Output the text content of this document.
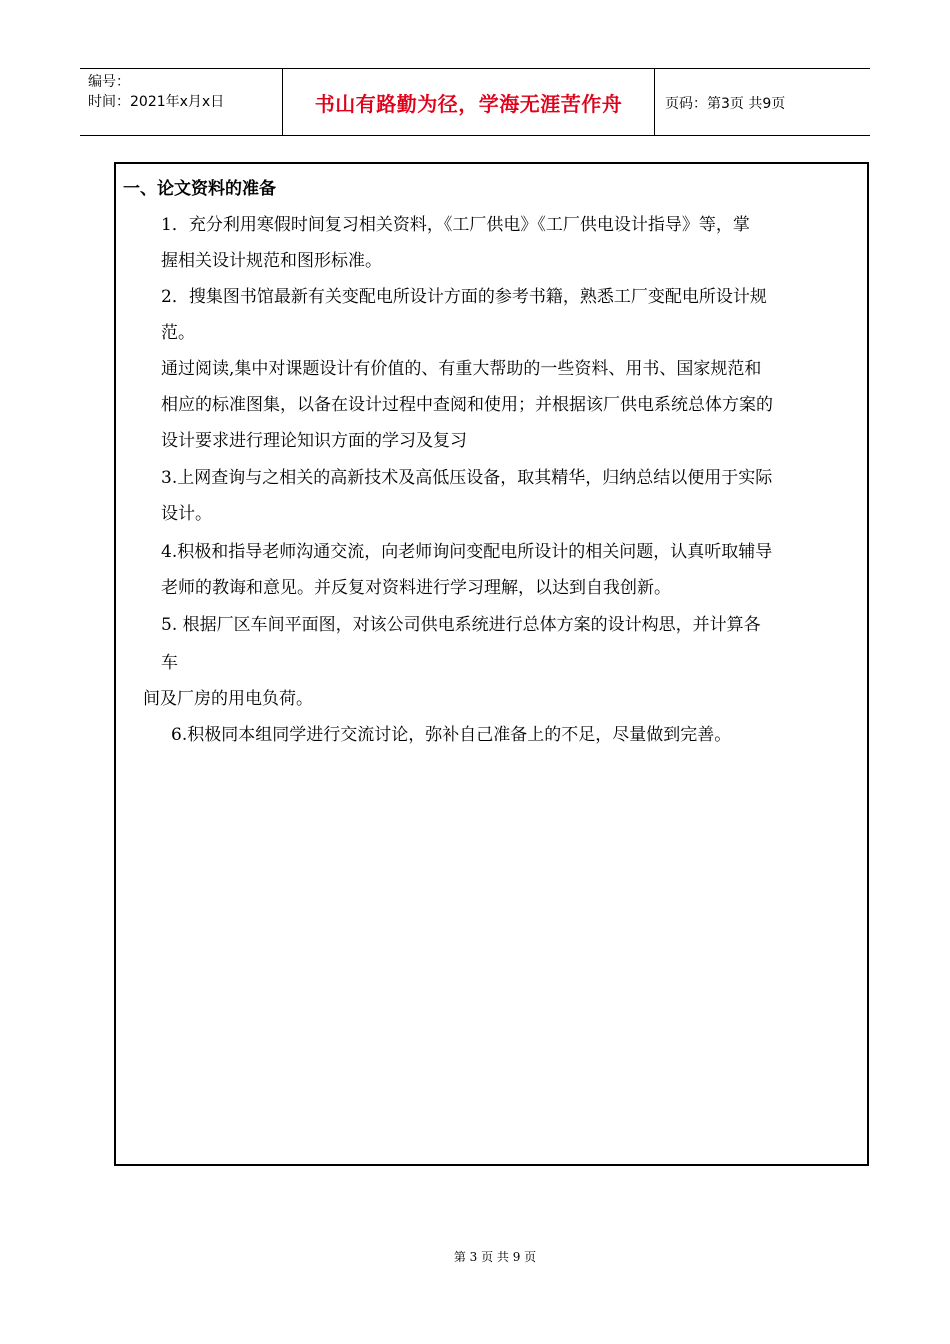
编号：
时间：2021年x月x日	书山有路勤为径，学海无涯苦作舟	页码：第3页 共9页

一、论文资料的准备

1．充分利用寒假时间复习相关资料，《工厂供电》《工厂供电设计指导》等，掌

握相关设计规范和图形标准。

2．搜集图书馆最新有关变配电所设计方面的参考书籍，熟悉工厂变配电所设计规

范。

通过阅读,集中对课题设计有价值的、有重大帮助的一些资料、用书、国家规范和

相应的标准图集，以备在设计过程中查阅和使用；并根据该厂供电系统总体方案的

设计要求进行理论知识方面的学习及复习

3.上网查询与之相关的高新技术及高低压设备，取其精华，归纳总结以便用于实际

设计。

4.积极和指导老师沟通交流，向老师询问变配电所设计的相关问题，认真听取辅导

老师的教诲和意见。并反复对资料进行学习理解，以达到自我创新。

5. 根据厂区车间平面图，对该公司供电系统进行总体方案的设计构思，并计算各

车

间及厂房的用电负荷。

6.积极同本组同学进行交流讨论，弥补自己准备上的不足，尽量做到完善。

第 3 页 共 9 页
